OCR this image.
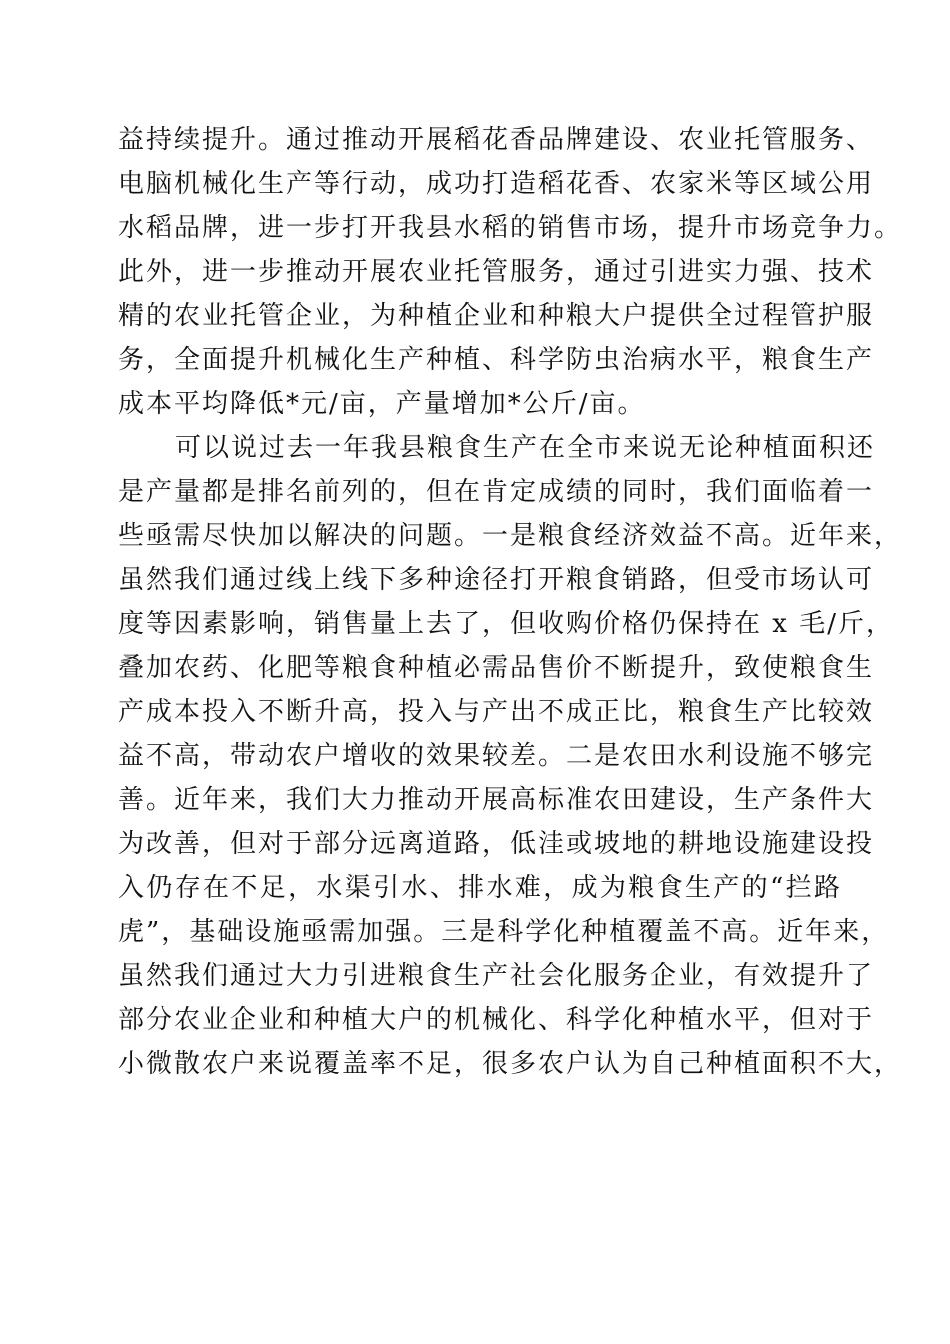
益持续提升。通过推动开展稻花香品牌建设、农业托管服务、
电脑机械化生产等行动，成功打造稻花香、农家米等区域公用
水稻品牌，进一步打开我县水稻的销售市场，提升市场竞争力。
此外，进一步推动开展农业托管服务，通过引进实力强、技术
精的农业托管企业，为种植企业和种粮大户提供全过程管护服
务，全面提升机械化生产种植、科学防虫治病水平，粮食生产
成本平均降低*元/亩，产量增加*公斤/亩。
可以说过去一年我县粮食生产在全市来说无论种植面积还
是产量都是排名前列的，但在肯定成绩的同时，我们面临着一
些亟需尽快加以解决的问题。一是粮食经济效益不高。近年来，
虽然我们通过线上线下多种途径打开粮食销路，但受市场认可
度等因素影响，销售量上去了，但收购价格仍保持在 x 毛/斤，
叠加农药、化肥等粮食种植必需品售价不断提升，致使粮食生
产成本投入不断升高，投入与产出不成正比，粮食生产比较效
益不高，带动农户增收的效果较差。二是农田水利设施不够完
善。近年来，我们大力推动开展高标准农田建设，生产条件大
为改善，但对于部分远离道路，低洼或坡地的耕地设施建设投
入仍存在不足，水渠引水、排水难，成为粮食生产的“拦路
虎”，基础设施亟需加强。三是科学化种植覆盖不高。近年来，
虽然我们通过大力引进粮食生产社会化服务企业，有效提升了
部分农业企业和种植大户的机械化、科学化种植水平，但对于
小微散农户来说覆盖率不足，很多农户认为自己种植面积不大，
